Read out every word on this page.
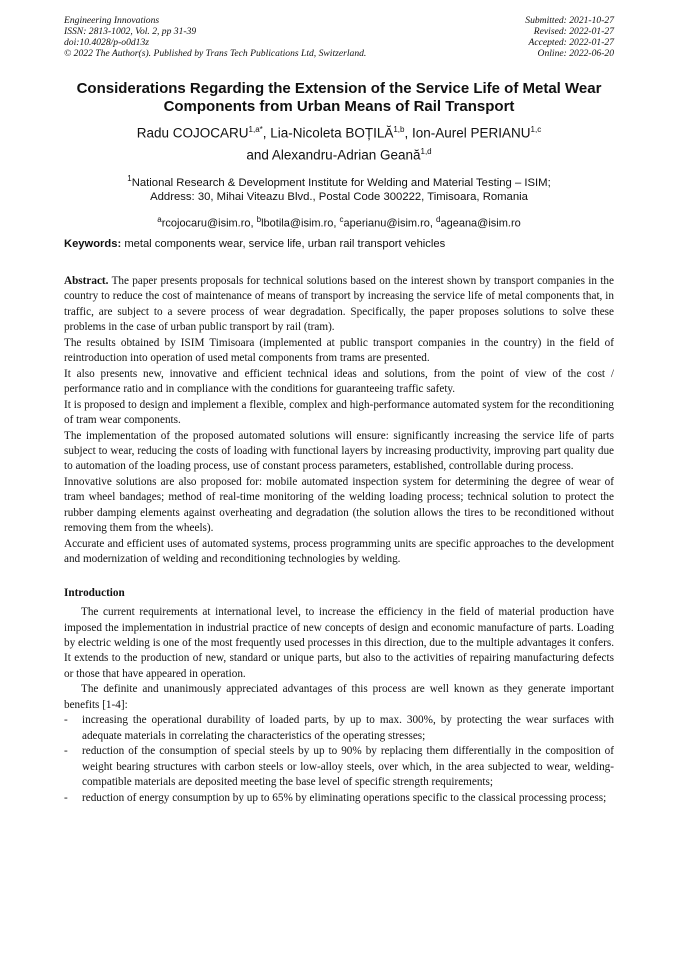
Engineering Innovations
ISSN: 2813-1002, Vol. 2, pp 31-39
doi:10.4028/p-o0d13z
© 2022 The Author(s). Published by Trans Tech Publications Ltd, Switzerland.
Submitted: 2021-10-27
Revised: 2022-01-27
Accepted: 2022-01-27
Online: 2022-06-20
Considerations Regarding the Extension of the Service Life of Metal Wear Components from Urban Means of Rail Transport
Radu $COJOCARU^{1,a*}$, Lia-Nicoleta BOȚILĂ$^{1,b}$, Ion-Aurel PERIANU$^{1,c}$
and Alexandru-Adrian Geană$^{1,d}$
$^1$National Research & Development Institute for Welding and Material Testing – ISIM;
Address: 30, Mihai Viteazu Blvd., Postal Code 300222, Timisoara, Romania
$^a$rcojocaru@isim.ro, $^b$lbotila@isim.ro, $^c$aperianu@isim.ro, $^d$ageana@isim.ro
Keywords: metal components wear, service life, urban rail transport vehicles

Abstract. The paper presents proposals for technical solutions based on the interest shown by transport companies in the country to reduce the cost of maintenance of means of transport by increasing the service life of metal components that, in traffic, are subject to a severe process of wear degradation. Specifically, the paper proposes solutions to solve these problems in the case of urban public transport by rail (tram).

The results obtained by ISIM Timisoara (implemented at public transport companies in the country) in the field of reintroduction into operation of used metal components from trams are presented.

It also presents new, innovative and efficient technical ideas and solutions, from the point of view of the cost / performance ratio and in compliance with the conditions for guaranteeing traffic safety.

It is proposed to design and implement a flexible, complex and high-performance automated system for the reconditioning of tram wear components.

The implementation of the proposed automated solutions will ensure: significantly increasing the service life of parts subject to wear, reducing the costs of loading with functional layers by increasing productivity, improving part quality due to automation of the loading process, use of constant process parameters, established, controllable during process.

Innovative solutions are also proposed for: mobile automated inspection system for determining the degree of wear of tram wheel bandages; method of real-time monitoring of the welding loading process; technical solution to protect the rubber damping elements against overheating and degradation (the solution allows the tires to be reconditioned without removing them from the wheels).

Accurate and efficient uses of automated systems, process programming units are specific approaches to the development and modernization of welding and reconditioning technologies by welding.

Introduction

The current requirements at international level, to increase the efficiency in the field of material production have imposed the implementation in industrial practice of new concepts of design and economic manufacture of parts. Loading by electric welding is one of the most frequently used processes in this direction, due to the multiple advantages it confers. It extends to the production of new, standard or unique parts, but also to the activities of repairing manufacturing defects or those that have appeared in operation.

The definite and unanimously appreciated advantages of this process are well known as they generate important benefits [1-4]:

- increasing the operational durability of loaded parts, by up to max. 300%, by protecting the wear surfaces with adequate materials in correlating the characteristics of the operating stresses;
- reduction of the consumption of special steels by up to 90% by replacing them differentially in the composition of weight bearing structures with carbon steels or low-alloy steels, over which, in the area subjected to wear, welding-compatible materials are deposited meeting the base level of specific strength requirements;
- reduction of energy consumption by up to 65% by eliminating operations specific to the classical processing process;
